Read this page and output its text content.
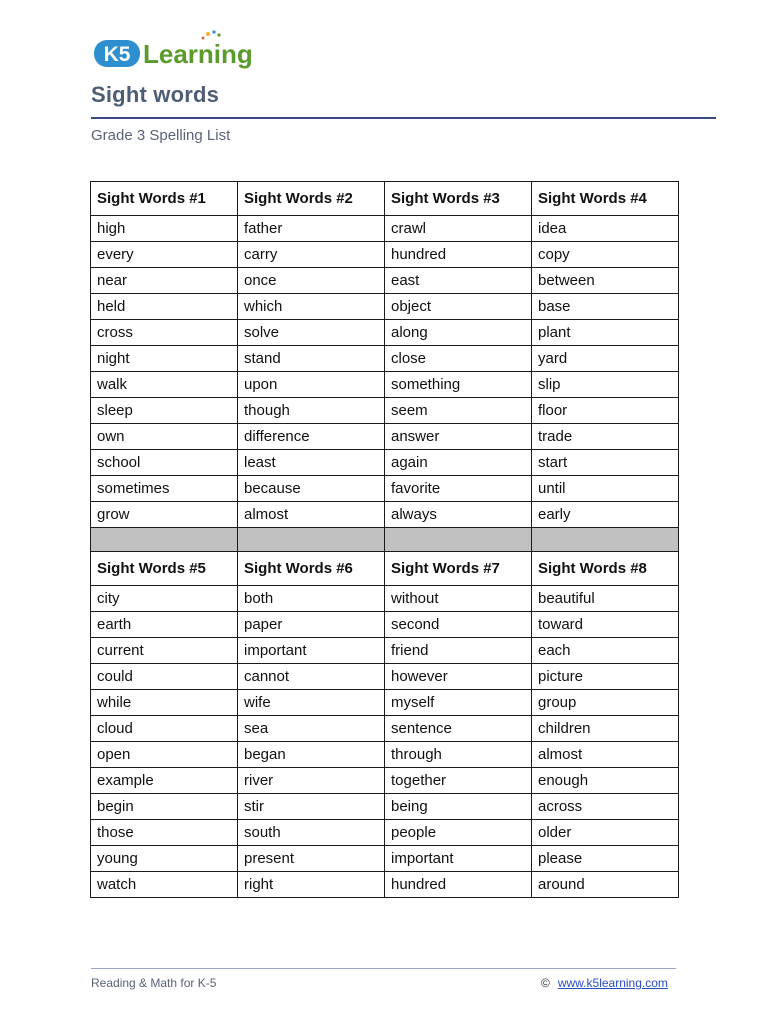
K5 Learning
Sight words
Grade 3 Spelling List
Sight Words #1	Sight Words #2	Sight Words #3	Sight Words #4
high	father	crawl	idea
every	carry	hundred	copy
near	once	east	between
held	which	object	base
cross	solve	along	plant
night	stand	close	yard
walk	upon	something	slip
sleep	though	seem	floor
own	difference	answer	trade
school	least	again	start
sometimes	because	favorite	until
grow	almost	always	early

Sight Words #5	Sight Words #6	Sight Words #7	Sight Words #8
city	both	without	beautiful
earth	paper	second	toward
current	important	friend	each
could	cannot	however	picture
while	wife	myself	group
cloud	sea	sentence	children
open	began	through	almost
example	river	together	enough
begin	stir	being	across
those	south	people	older
young	present	important	please
watch	right	hundred	around
Reading & Math for K-5	© www.k5learning.com
